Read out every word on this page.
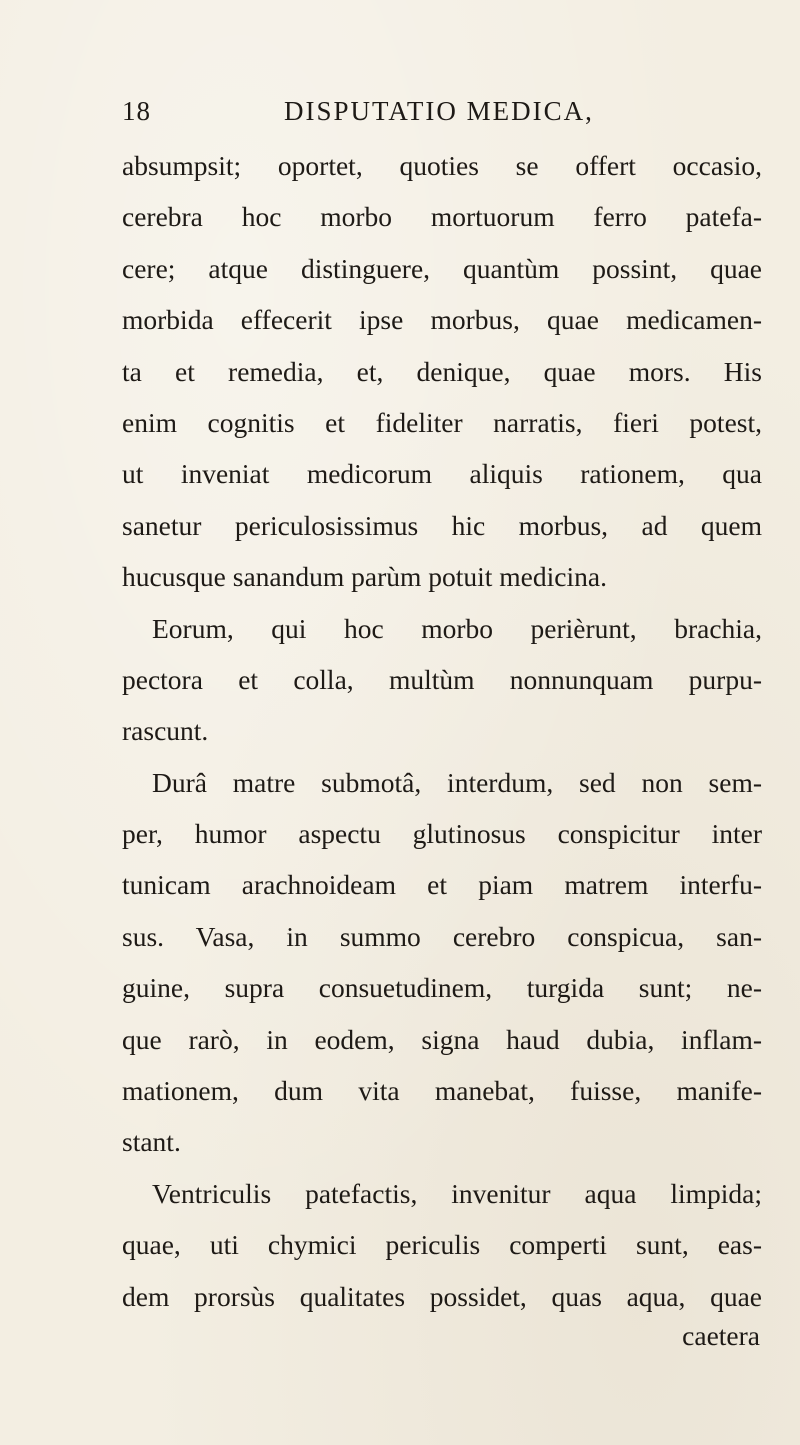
18	DISPUTATIO MEDICA,
absumpsit; oportet, quoties se offert occasio,
cerebra hoc morbo mortuorum ferro patefa-
cere; atque distinguere, quantùm possint, quae
morbida effecerit ipse morbus, quae medicamen-
ta et remedia, et, denique, quae mors. His
enim cognitis et fideliter narratis, fieri potest,
ut inveniat medicorum aliquis rationem, qua
sanetur periculosissimus hic morbus, ad quem
hucusque sanandum parùm potuit medicina.
Eorum, qui hoc morbo perièrunt, brachia,
pectora et colla, multùm nonnunquam purpu-
rascunt.
Durâ matre submotâ, interdum, sed non sem-
per, humor aspectu glutinosus conspicitur inter
tunicam arachnoideam et piam matrem interfu-
sus. Vasa, in summo cerebro conspicua, san-
guine, supra consuetudinem, turgida sunt; ne-
que rarò, in eodem, signa haud dubia, inflam-
mationem, dum vita manebat, fuisse, manife-
stant.
Ventriculis patefactis, invenitur aqua limpida;
quae, uti chymici periculis comperti sunt, eas-
dem prorsùs qualitates possidet, quas aqua, quae
caetera
